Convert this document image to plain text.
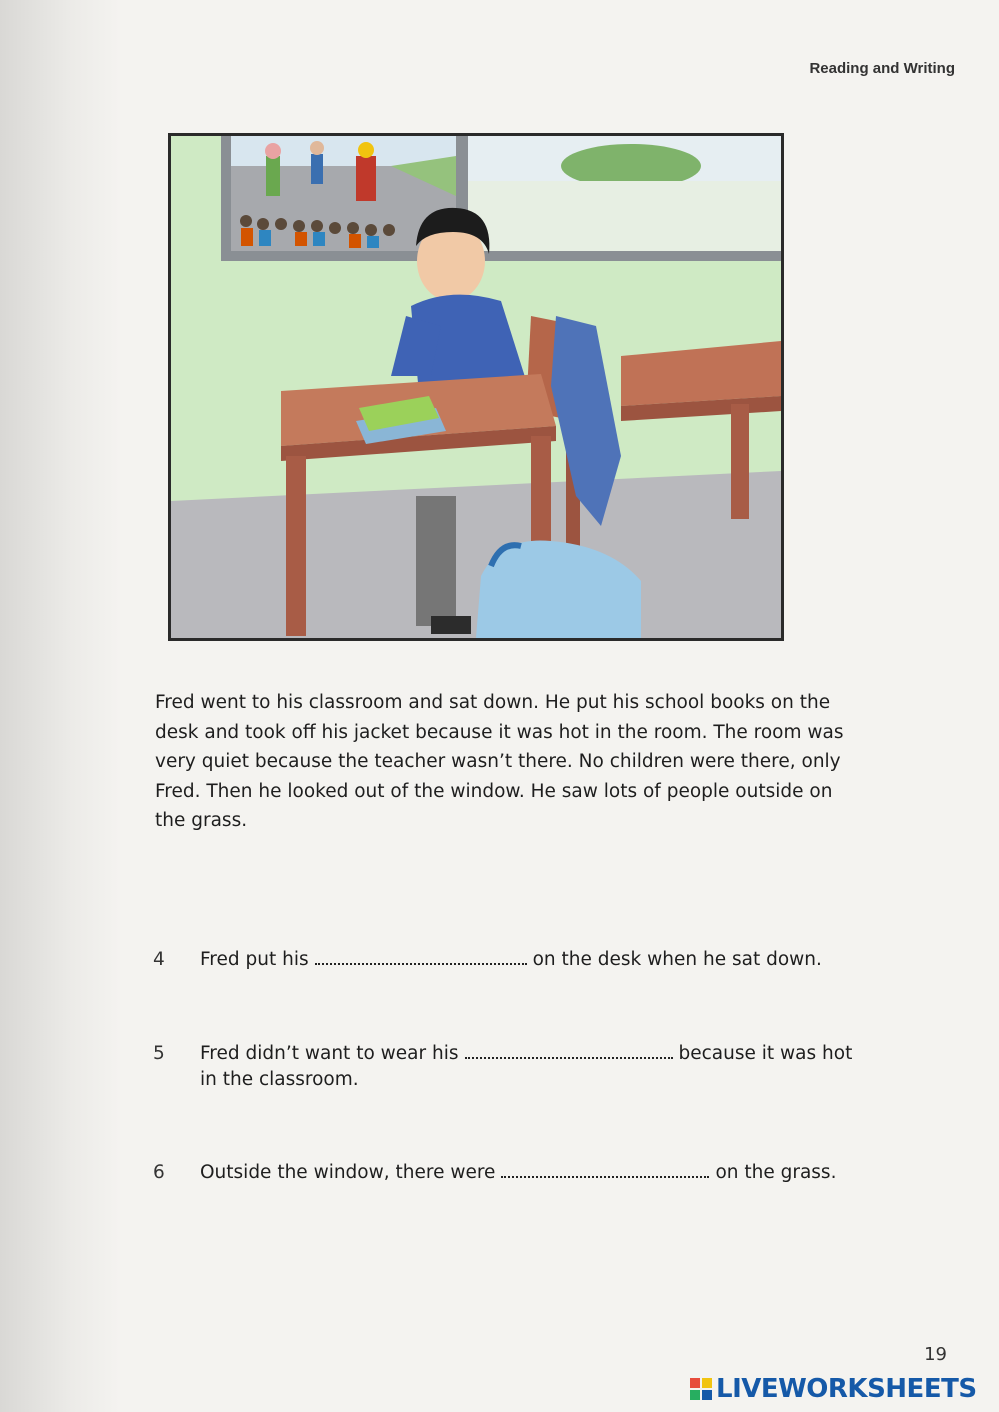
Reading and Writing
Fred went to his classroom and sat down. He put his school books on the
desk and took off his jacket because it was hot in the room. The room was
very quiet because the teacher wasn’t there. No children were there, only
Fred. Then he looked out of the window. He saw lots of people outside on
the grass.
4	Fred put his	on the desk when he sat down.
5	Fred didn’t want to wear his	because it was hot
in the classroom.
6	Outside the window, there were	on the grass.
19
LIVEWORKSHEETS
